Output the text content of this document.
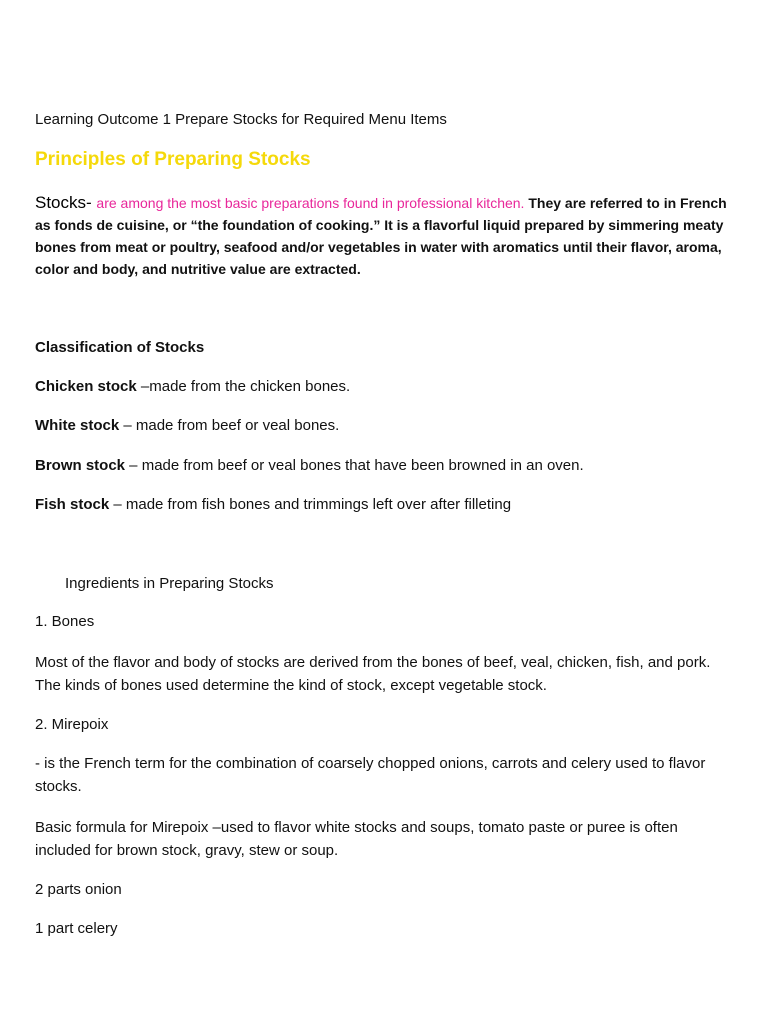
Learning Outcome 1 Prepare Stocks for Required Menu Items

Principles of Preparing Stocks

Stocks- are among the most basic preparations found in professional kitchen. They are referred to in French as fonds de cuisine, or “the foundation of cooking.” It is a flavorful liquid prepared by simmering meaty bones from meat or poultry, seafood and/or vegetables in water with aromatics until their flavor, aroma, color and body, and nutritive value are extracted.

Classification of Stocks

Chicken stock –made from the chicken bones.

White stock – made from beef or veal bones.

Brown stock – made from beef or veal bones that have been browned in an oven.

Fish stock – made from fish bones and trimmings left over after filleting

Ingredients in Preparing Stocks

1. Bones

Most of the flavor and body of stocks are derived from the bones of beef, veal, chicken, fish, and pork. The kinds of bones used determine the kind of stock, except vegetable stock.

2. Mirepoix

- is the French term for the combination of coarsely chopped onions, carrots and celery used to flavor stocks.

Basic formula for Mirepoix –used to flavor white stocks and soups, tomato paste or puree is often included for brown stock, gravy, stew or soup.

2 parts onion

1 part celery
